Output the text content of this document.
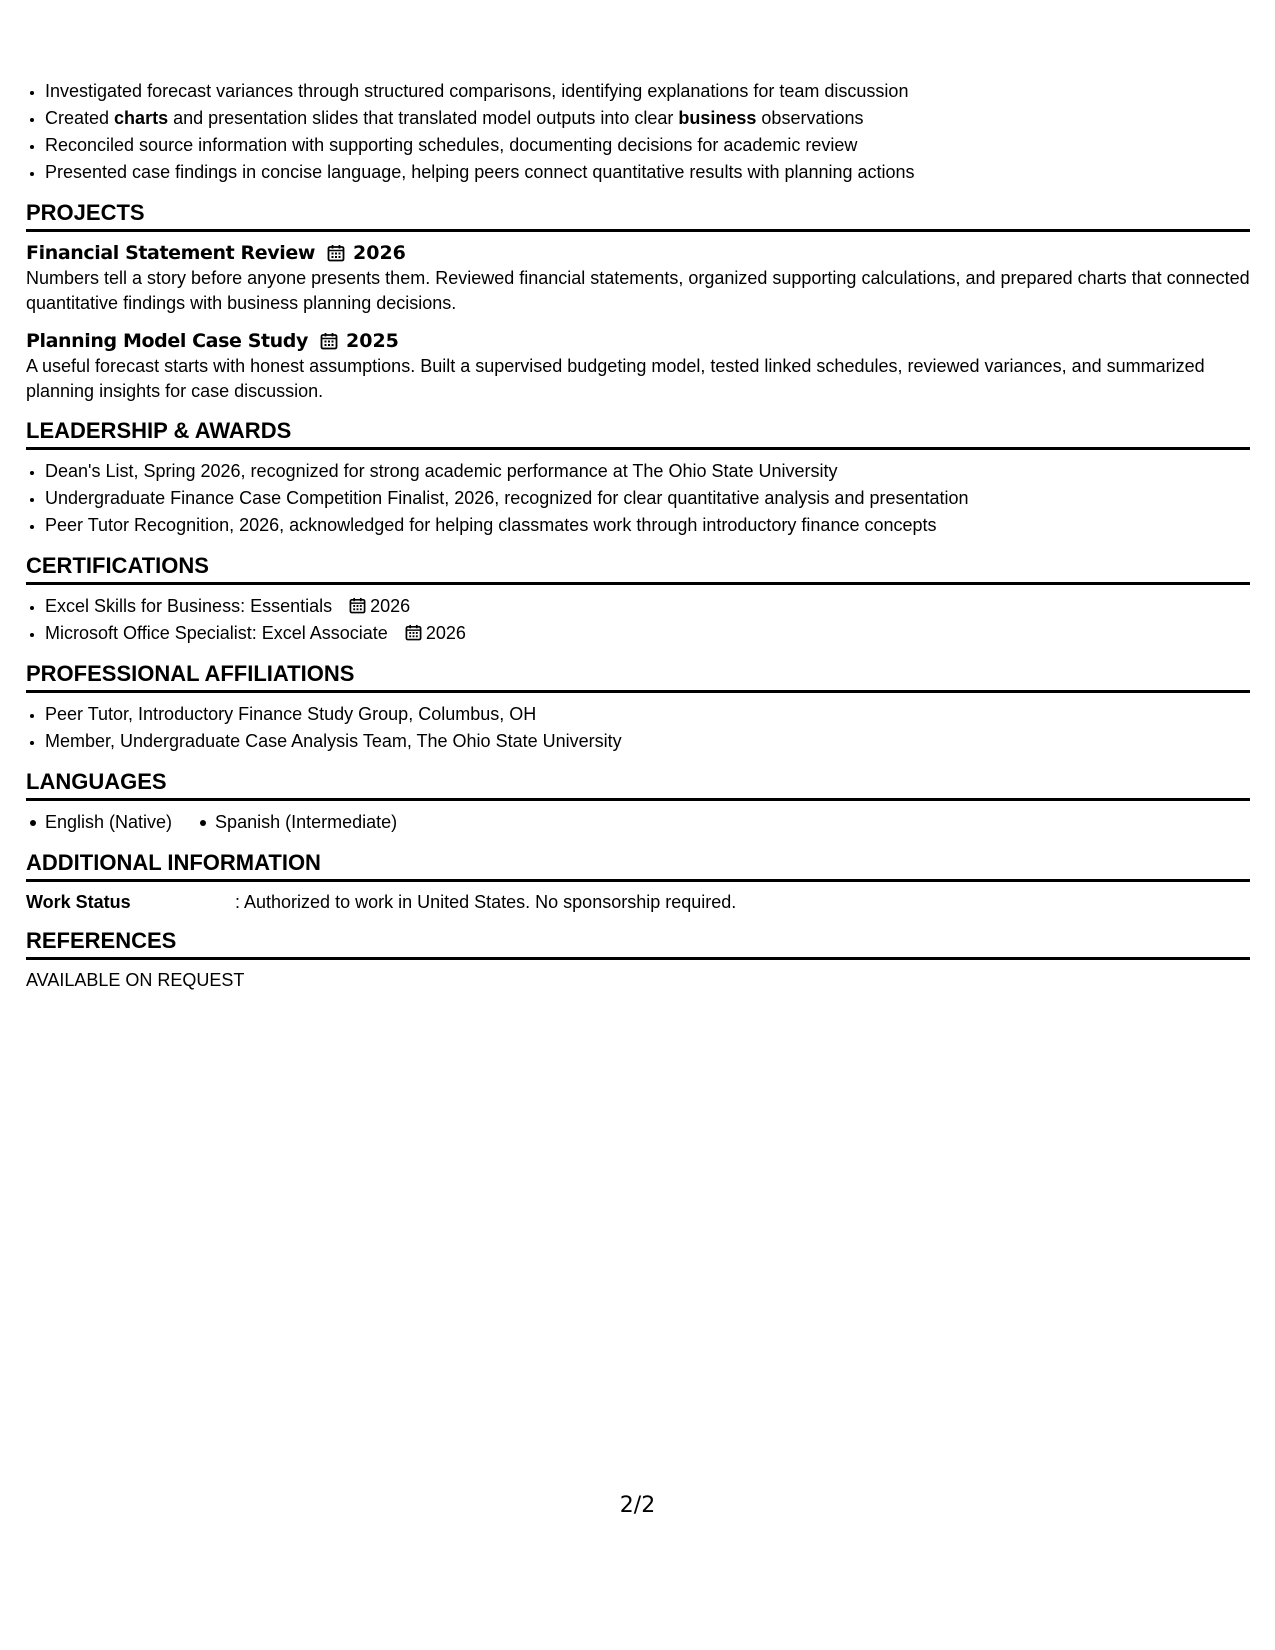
• Investigated forecast variances through structured comparisons, identifying explanations for team discussion
• Created charts and presentation slides that translated model outputs into clear business observations
• Reconciled source information with supporting schedules, documenting decisions for academic review
• Presented case findings in concise language, helping peers connect quantitative results with planning actions
PROJECTS
Financial Statement Review 2026
Numbers tell a story before anyone presents them. Reviewed financial statements, organized supporting calculations, and prepared charts that connected quantitative findings with business planning decisions.
Planning Model Case Study 2025
A useful forecast starts with honest assumptions. Built a supervised budgeting model, tested linked schedules, reviewed variances, and summarized planning insights for case discussion.
LEADERSHIP & AWARDS
• Dean's List, Spring 2026, recognized for strong academic performance at The Ohio State University
• Undergraduate Finance Case Competition Finalist, 2026, recognized for clear quantitative analysis and presentation
• Peer Tutor Recognition, 2026, acknowledged for helping classmates work through introductory finance concepts
CERTIFICATIONS
• Excel Skills for Business: Essentials 2026
• Microsoft Office Specialist: Excel Associate 2026
PROFESSIONAL AFFILIATIONS
• Peer Tutor, Introductory Finance Study Group, Columbus, OH
• Member, Undergraduate Case Analysis Team, The Ohio State University
LANGUAGES
English (Native)	Spanish (Intermediate)
ADDITIONAL INFORMATION
Work Status	: Authorized to work in United States. No sponsorship required.
REFERENCES
AVAILABLE ON REQUEST
2/2
